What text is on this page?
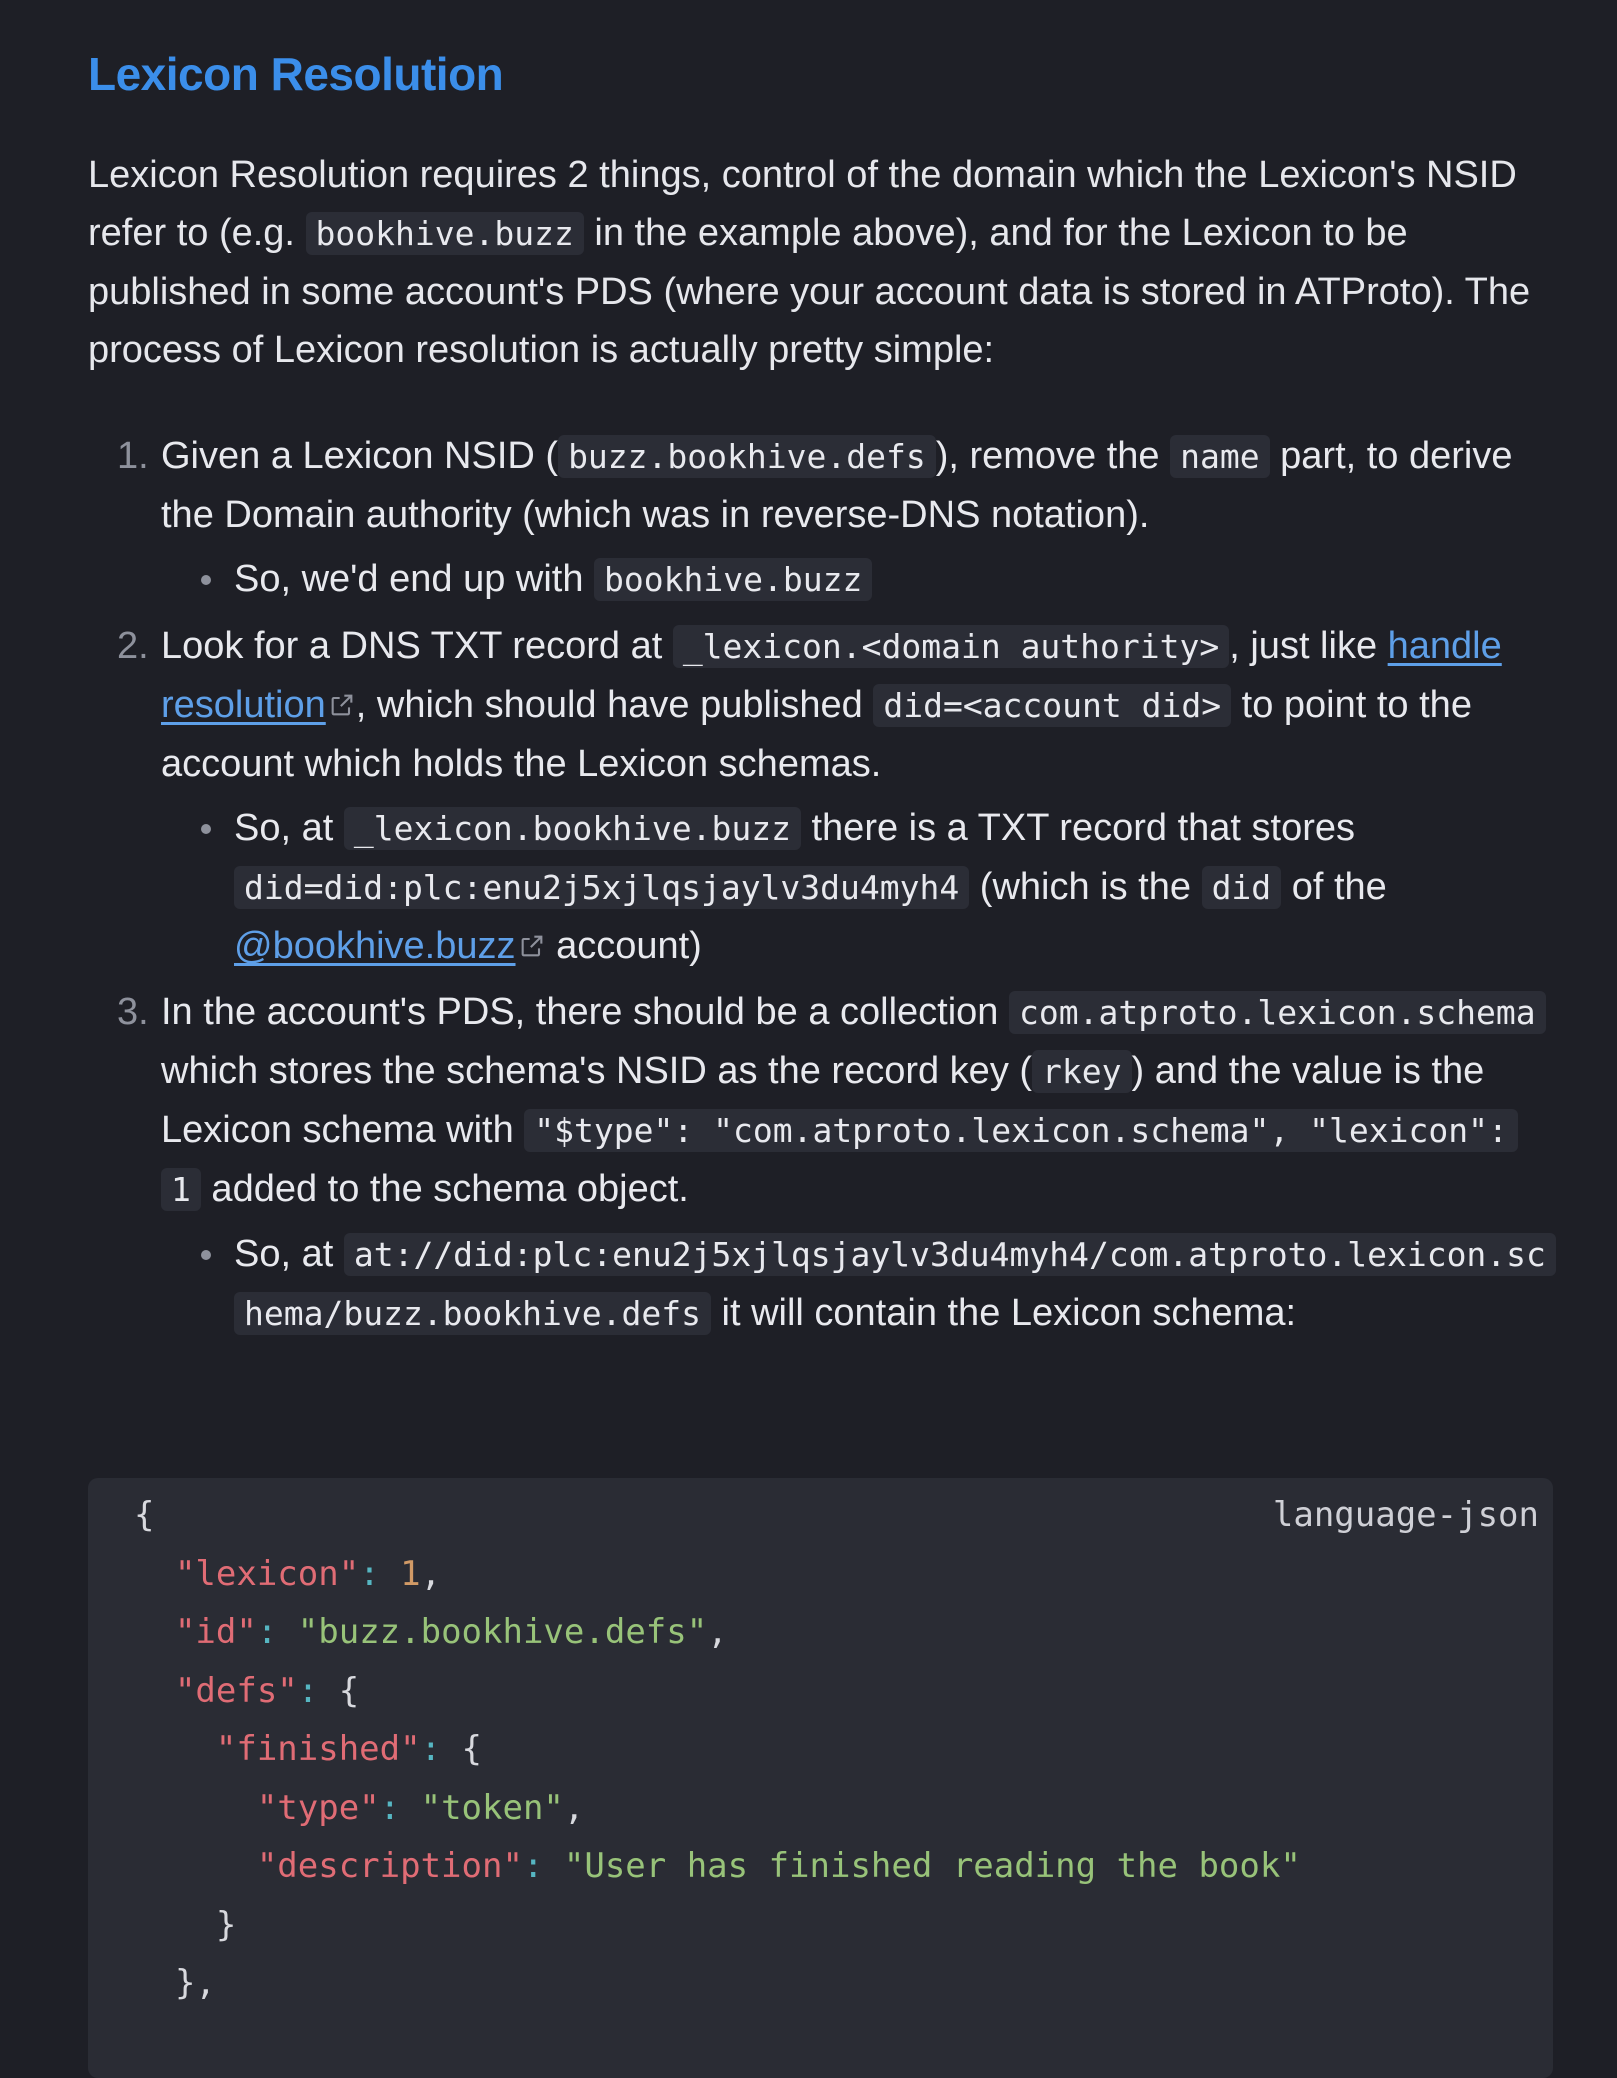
Lexicon Resolution

Lexicon Resolution requires 2 things, control of the domain which the Lexicon's NSID refer to (e.g. bookhive.buzz in the example above), and for the Lexicon to be published in some account's PDS (where your account data is stored in ATProto). The process of Lexicon resolution is actually pretty simple:

1. Given a Lexicon NSID ( buzz.bookhive.defs ), remove the name part, to derive the Domain authority (which was in reverse-DNS notation).
So, we'd end up with bookhive.buzz
2. Look for a DNS TXT record at _lexicon.<domain authority> , just like handle resolution , which should have published did=<account did> to point to the account which holds the Lexicon schemas.
So, at _lexicon.bookhive.buzz there is a TXT record that stores did=did:plc:enu2j5xjlqsjaylv3du4myh4 (which is the did of the @bookhive.buzz account)
3. In the account's PDS, there should be a collection com.atproto.lexicon.schema which stores the schema's NSID as the record key ( rkey ) and the value is the Lexicon schema with "$type": "com.atproto.lexicon.schema", "lexicon": 1 added to the schema object.
So, at at://did:plc:enu2j5xjlqsjaylv3du4myh4/com.atproto.lexicon.schema/buzz.bookhive.defs it will contain the Lexicon schema:
language-json
{
"lexicon": 1,
"id": "buzz.bookhive.defs",
"defs": {
"finished": {
"type": "token",
"description": "User has finished reading the book"
}
},
